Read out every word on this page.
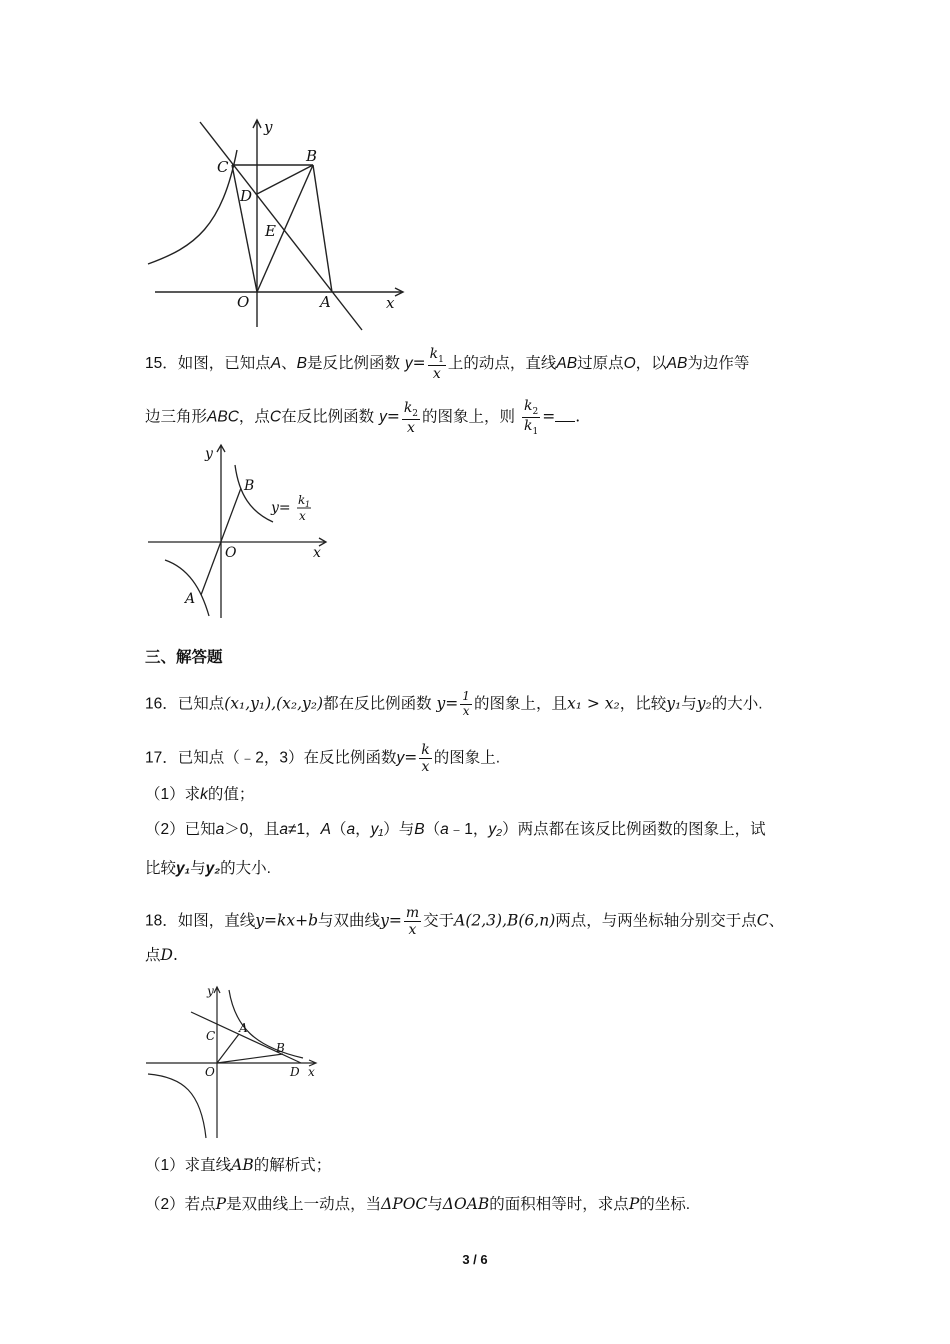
y
x
C
B
D
E
O	A
15．如图，已知点A、B是反比例函数 $y= \frac{k_1}{x}$ 上的动点，直线AB过原点O，以AB为边作等
边三角形ABC，点C在反比例函数 $y= \frac{k_2}{x}$ 的图象上，则 $\frac{k_2}{k_1}$ = .
y
x
B
O
A
y= k 1
x
三、解答题
16．已知点(x₁,y₁),(x₂,y₂)都在反比例函数 $y= \frac{1}{x}$ 的图象上，且x₁ > x₂，比较y₁与y₂的大小.
17．已知点（﹣2，3）在反比例函数$y= \frac{k}{x}$ 的图象上.
（1）求k的值；
（2）已知a＞0，且a≠1，A（a，y₁）与B（a﹣1，y₂）两点都在该反比例函数的图象上，试
比较y₁与y₂的大小.
18．如图，直线y=kx+b与双曲线$y= \frac{m}{x}$ 交于A(2,3),B(6,n)两点，与两坐标轴分别交于点C、
点D.
y
x
C
A
B
O	D
（1）求直线AB的解析式；
（2）若点P是双曲线上一动点，当ΔPOC与ΔOAB的面积相等时，求点P的坐标.
3 / 6
